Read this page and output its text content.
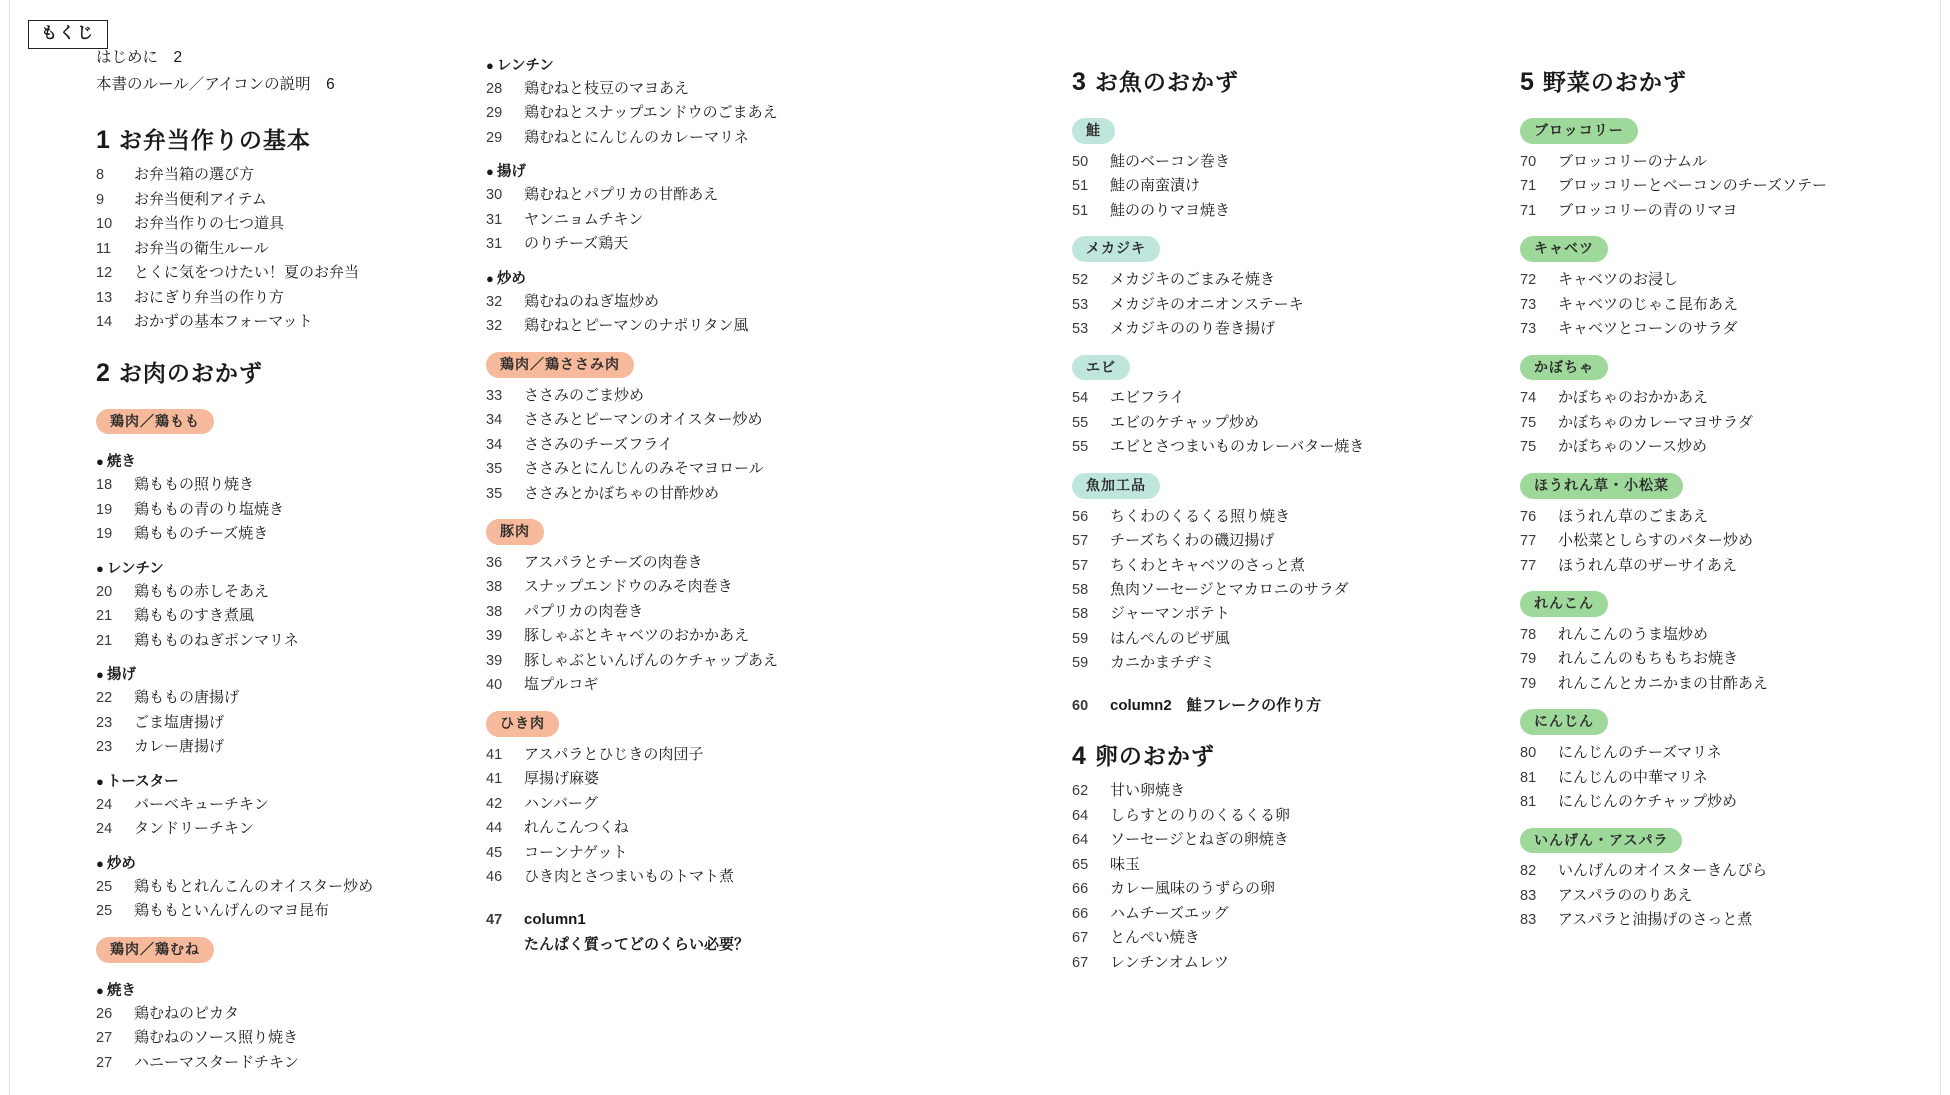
もくじ
はじめに　2
本書のルール／アイコンの説明　6
1 お弁当作りの基本
8	お弁当箱の選び方
9	お弁当便利アイテム
10	お弁当作りの七つ道具
11	お弁当の衛生ルール
12	とくに気をつけたい！夏のお弁当
13	おにぎり弁当の作り方
14	おかずの基本フォーマット
2 お肉のおかず
鶏肉／鶏もも
● 焼き
18	鶏ももの照り焼き
19	鶏ももの青のり塩焼き
19	鶏もものチーズ焼き
● レンチン
20	鶏ももの赤しそあえ
21	鶏もものすき煮風
21	鶏もものねぎポンマリネ
● 揚げ
22	鶏ももの唐揚げ
23	ごま塩唐揚げ
23	カレー唐揚げ
● トースター
24	バーベキューチキン
24	タンドリーチキン
● 炒め
25	鶏ももとれんこんのオイスター炒め
25	鶏ももといんげんのマヨ昆布
鶏肉／鶏むね
● 焼き
26	鶏むねのピカタ
27	鶏むねのソース照り焼き
27	ハニーマスタードチキン
● レンチン
28	鶏むねと枝豆のマヨあえ
29	鶏むねとスナップエンドウのごまあえ
29	鶏むねとにんじんのカレーマリネ
● 揚げ
30	鶏むねとパプリカの甘酢あえ
31	ヤンニョムチキン
31	のりチーズ鶏天
● 炒め
32	鶏むねのねぎ塩炒め
32	鶏むねとピーマンのナポリタン風
鶏肉／鶏ささみ肉
33	ささみのごま炒め
34	ささみとピーマンのオイスター炒め
34	ささみのチーズフライ
35	ささみとにんじんのみそマヨロール
35	ささみとかぼちゃの甘酢炒め
豚肉
36	アスパラとチーズの肉巻き
38	スナップエンドウのみそ肉巻き
38	パプリカの肉巻き
39	豚しゃぶとキャベツのおかかあえ
39	豚しゃぶといんげんのケチャップあえ
40	塩プルコギ
ひき肉
41	アスパラとひじきの肉団子
41	厚揚げ麻婆
42	ハンバーグ
44	れんこんつくね
45	コーンナゲット
46	ひき肉とさつまいものトマト煮
47	column1
たんぱく質ってどのくらい必要？
3 お魚のおかず
鮭
50	鮭のベーコン巻き
51	鮭の南蛮漬け
51	鮭ののりマヨ焼き
メカジキ
52	メカジキのごまみそ焼き
53	メカジキのオニオンステーキ
53	メカジキののり巻き揚げ
エビ
54	エビフライ
55	エビのケチャップ炒め
55	エビとさつまいものカレーバター焼き
魚加工品
56	ちくわのくるくる照り焼き
57	チーズちくわの磯辺揚げ
57	ちくわとキャベツのさっと煮
58	魚肉ソーセージとマカロニのサラダ
58	ジャーマンポテト
59	はんぺんのピザ風
59	カニかまチヂミ
60	column2　鮭フレークの作り方
4 卵のおかず
62	甘い卵焼き
64	しらすとのりのくるくる卵
64	ソーセージとねぎの卵焼き
65	味玉
66	カレー風味のうずらの卵
66	ハムチーズエッグ
67	とんぺい焼き
67	レンチンオムレツ
5 野菜のおかず
ブロッコリー
70	ブロッコリーのナムル
71	ブロッコリーとベーコンのチーズソテー
71	ブロッコリーの青のリマヨ
キャベツ
72	キャベツのお浸し
73	キャベツのじゃこ昆布あえ
73	キャベツとコーンのサラダ
かぼちゃ
74	かぼちゃのおかかあえ
75	かぼちゃのカレーマヨサラダ
75	かぼちゃのソース炒め
ほうれん草・小松菜
76	ほうれん草のごまあえ
77	小松菜としらすのバター炒め
77	ほうれん草のザーサイあえ
れんこん
78	れんこんのうま塩炒め
79	れんこんのもちもちお焼き
79	れんこんとカニかまの甘酢あえ
にんじん
80	にんじんのチーズマリネ
81	にんじんの中華マリネ
81	にんじんのケチャップ炒め
いんげん・アスパラ
82	いんげんのオイスターきんぴら
83	アスパラののりあえ
83	アスパラと油揚げのさっと煮
